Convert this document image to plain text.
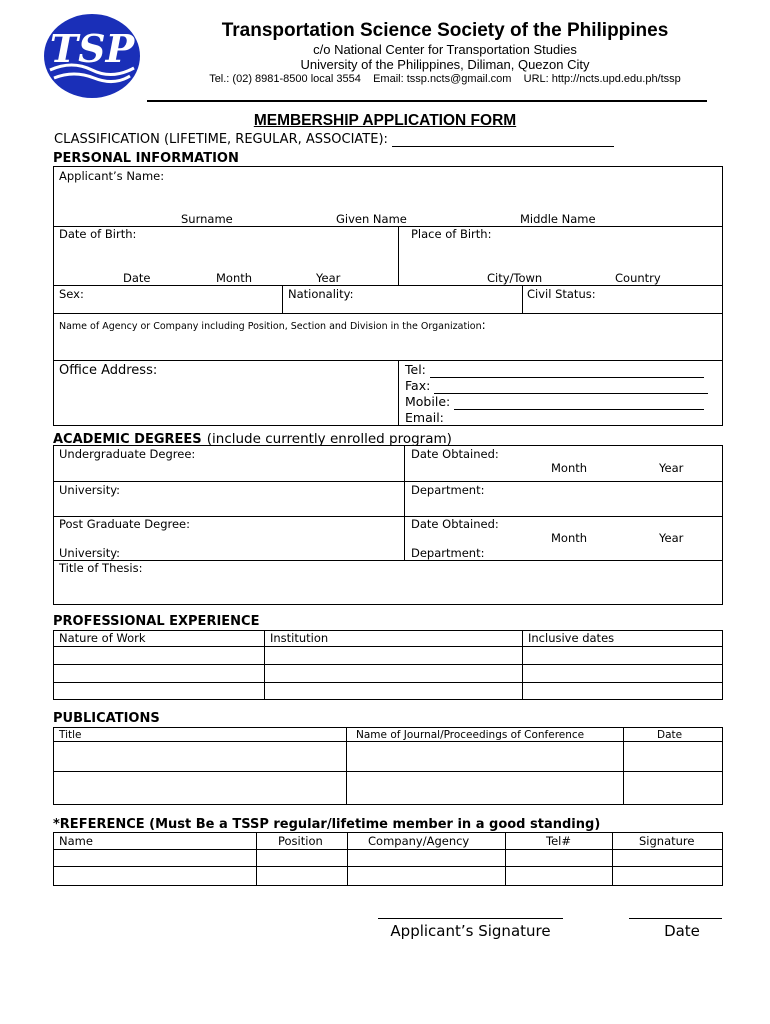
TSP	Transportation Science Society of the Philippines
c/o National Center for Transportation Studies
University of the Philippines, Diliman, Quezon City
Tel.: (02) 8981-8500 local 3554 Email: tssp.ncts@gmail.com URL: http://ncts.upd.edu.ph/tssp
MEMBERSHIP APPLICATION FORM
CLASSIFICATION (LIFETIME, REGULAR, ASSOCIATE):
PERSONAL INFORMATION
Applicant’s Name:
Surname	Given Name	Middle Name
Date of Birth:	Place of Birth:
Date	Month	Year	City/Town	Country
Sex:	Nationality:	Civil Status:
Name of Agency or Company including Position, Section and Division in the Organization:
Office Address:	Tel:
Fax:
Mobile:
Email:
ACADEMIC DEGREES (include currently enrolled program)
Undergraduate Degree:	Date Obtained:
Month	Year
University:	Department:
Post Graduate Degree:	Date Obtained:
Month	Year
University:	Department:
Title of Thesis:
PROFESSIONAL EXPERIENCE
Nature of Work	Institution	Inclusive dates
PUBLICATIONS
Title	Name of Journal/Proceedings of Conference	Date
*REFERENCE (Must Be a TSSP regular/lifetime member in a good standing)
Name	Position	Company/Agency	Tel#	Signature
Applicant’s Signature	Date
